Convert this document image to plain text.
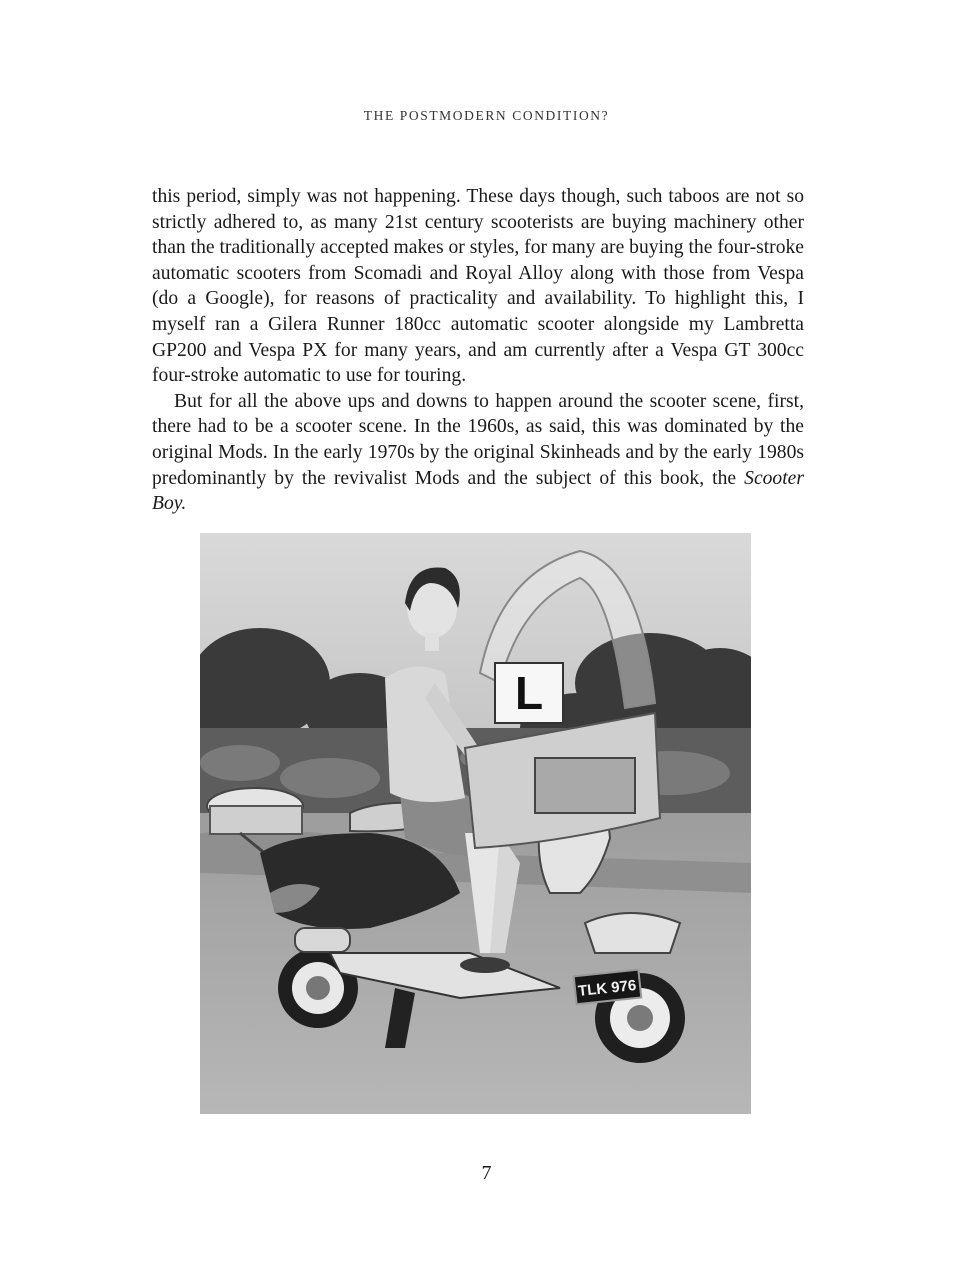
THE POSTMODERN CONDITION?

this period, simply was not happening. These days though, such taboos are not so strictly adhered to, as many 21st century scooterists are buying machinery other than the traditionally accepted makes or styles, for many are buying the four-stroke automatic scooters from Scomadi and Royal Alloy along with those from Vespa (do a Google), for reasons of practicality and availability. To highlight this, I myself ran a Gilera Runner 180cc automatic scooter alongside my Lambretta GP200 and Vespa PX for many years, and am currently after a Vespa GT 300cc four-stroke automatic to use for touring.

But for all the above ups and downs to happen around the scooter scene, first, there had to be a scooter scene. In the 1960s, as said, this was dominated by the original Mods. In the early 1970s by the original Skinheads and by the early 1980s predominantly by the revivalist Mods and the subject of this book, the Scooter Boy.

L
TLK 976
7
